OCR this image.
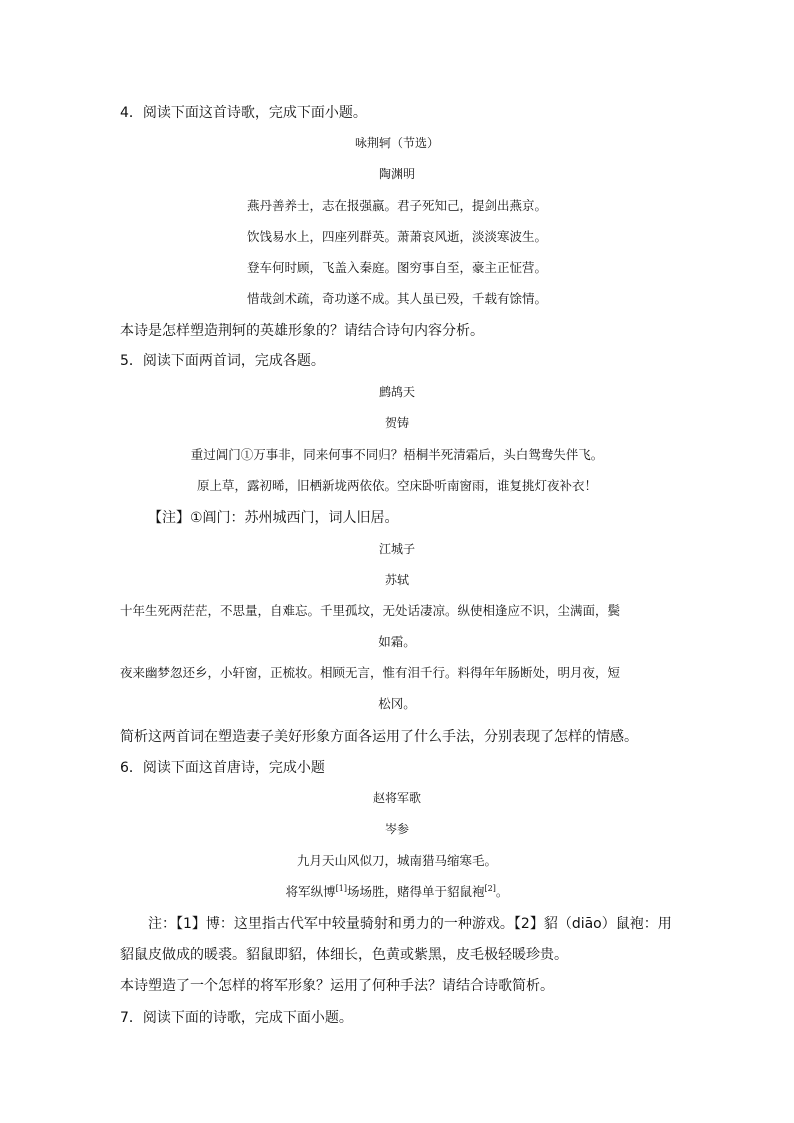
4．阅读下面这首诗歌，完成下面小题。
咏荆轲（节选）
陶渊明
燕丹善养士，志在报强嬴。君子死知己，提剑出燕京。
饮饯易水上，四座列群英。萧萧哀风逝，淡淡寒波生。
登车何时顾，飞盖入秦庭。图穷事自至，豪主正怔营。
惜哉剑术疏，奇功遂不成。其人虽已殁，千载有馀情。
本诗是怎样塑造荆轲的英雄形象的？请结合诗句内容分析。
5．阅读下面两首词，完成各题。
鹧鸪天
贺铸
重过阊门①万事非，同来何事不同归？梧桐半死清霜后，头白鸳鸯失伴飞。
原上草，露初晞，旧栖新垅两依依。空床卧听南窗雨，谁复挑灯夜补衣！
【注】①阊门：苏州城西门，词人旧居。
江城子
苏轼
十年生死两茫茫，不思量，自难忘。千里孤坟，无处话凄凉。纵使相逢应不识，尘满面，鬓
如霜。
夜来幽梦忽还乡，小轩窗，正梳妆。相顾无言，惟有泪千行。料得年年肠断处，明月夜，短
松冈。
简析这两首词在塑造妻子美好形象方面各运用了什么手法，分别表现了怎样的情感。
6．阅读下面这首唐诗，完成小题
赵将军歌
岑参
九月天山风似刀，城南猎马缩寒毛。
将军纵博[1]场场胜，赌得单于貂鼠袍[2]。
注：【1】博：这里指古代军中较量骑射和勇力的一种游戏。【2】貂（diāo）鼠袍：用
貂鼠皮做成的暖裘。貂鼠即貂，体细长，色黄或紫黑，皮毛极轻暖珍贵。
本诗塑造了一个怎样的将军形象？运用了何种手法？请结合诗歌简析。
7．阅读下面的诗歌，完成下面小题。
